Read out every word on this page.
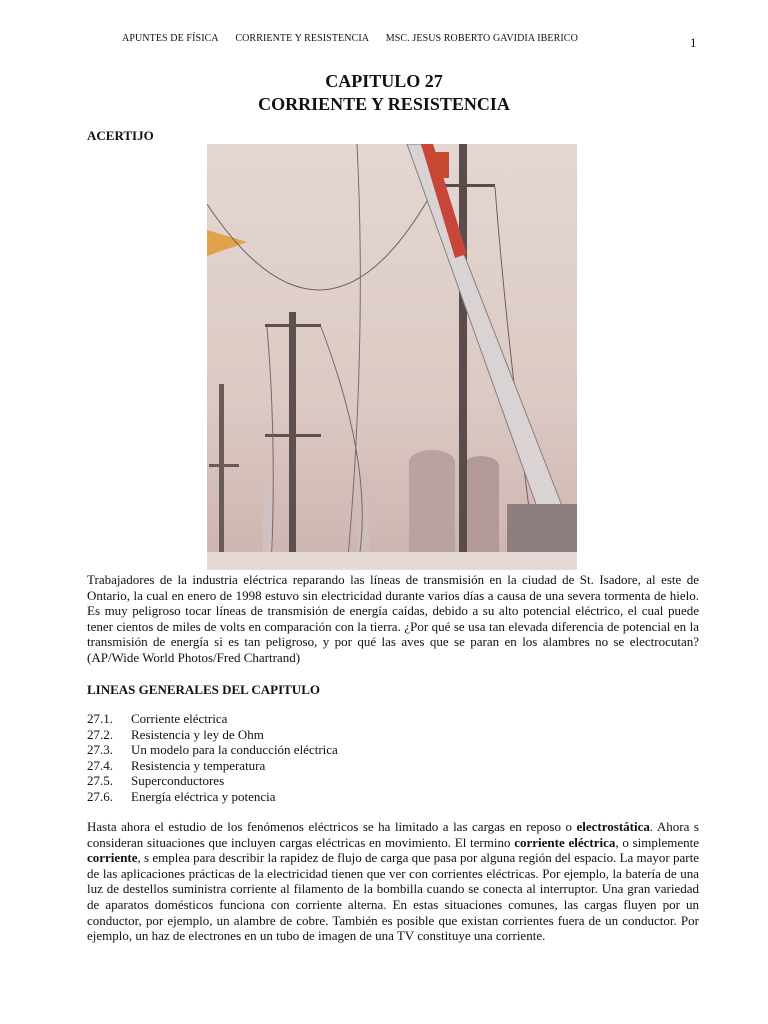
APUNTES DE FÍSICA CORRIENTE Y RESISTENCIA MSC. JESUS ROBERTO GAVIDIA IBERICO	1
CAPITULO 27
CORRIENTE Y RESISTENCIA
ACERTIJO

Trabajadores de la industria eléctrica reparando las líneas de transmisión en la ciudad de St. Isadore, al este de Ontario, la cual en enero de 1998 estuvo sin electricidad durante varios días a causa de una severa tormenta de hielo. Es muy peligroso tocar líneas de transmisión de energía caídas, debido a su alto potencial eléctrico, el cual puede tener cientos de miles de volts en comparación con la tierra. ¿Por qué se usa tan elevada diferencia de potencial en la transmisión de energía si es tan peligroso, y por qué las aves que se paran en los alambres no se electrocutan? (AP/Wide World Photos/Fred Chartrand)

LINEAS GENERALES DEL CAPITULO
27.1. Corriente eléctrica
27.2. Resistencia y ley de Ohm
27.3. Un modelo para la conducción eléctrica
27.4. Resistencia y temperatura
27.5. Superconductores
27.6. Energía eléctrica y potencia

Hasta ahora el estudio de los fenómenos eléctricos se ha limitado a las cargas en reposo o electrostática. Ahora s consideran situaciones que incluyen cargas eléctricas en movimiento. El termino corriente eléctrica, o simplemente corriente, s emplea para describir la rapidez de flujo de carga que pasa por alguna región del espacio. La mayor parte de las aplicaciones prácticas de la electricidad tienen que ver con corrientes eléctricas. Por ejemplo, la batería de una luz de destellos suministra corriente al filamento de la bombilla cuando se conecta al interruptor. Una gran variedad de aparatos domésticos funciona con corriente alterna. En estas situaciones comunes, las cargas fluyen por un conductor, por ejemplo, un alambre de cobre. También es posible que existan corrientes fuera de un conductor. Por ejemplo, un haz de electrones en un tubo de imagen de una TV constituye una corriente.
